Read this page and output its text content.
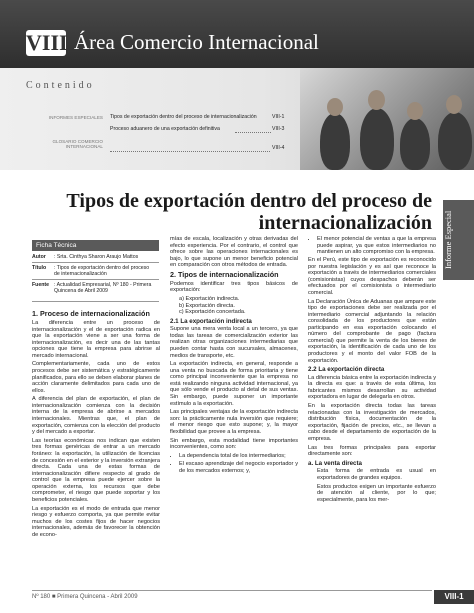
VIII Área Comercio Internacional
Contenido
INFORMES ESPECIALES Tipos de exportación dentro del proceso de internacionalización	VIII-1
Proceso aduanero de una exportación definitiva	VIII-3
GLOSARIO COMERCIO INTERNACIONAL	VIII-4
Tipos de exportación dentro del proceso de
internacionalización Informe Especial
Ficha Técnica
Autor : Srta. Cinthya Sharon Araujo Mattos
Título : Tipos de exportación dentro del proceso de internacionalización
Fuente : Actualidad Empresarial, Nº 180 - Primera Quincena de Abril 2009
1. Proceso de internacionalización

La diferencia entre un proceso de internacionalización y el de exportación radica en que la exportación viene a ser una forma de internacionalización, es decir una de las tantas opciones que tiene la empresa para abrirse al mercado internacional.

Complementariamente, cada uno de estos procesos debe ser sistemática y estratégicamente planificados, para ello se deben elaborar planes de acción claramente delimitados para cada uno de ellos.

A diferencia del plan de exportación, el plan de internacionalización comienza con la decisión interna de la empresa de abrirse a mercados internacionales. Mientras que, el plan de exportación, comienza con la elección del producto y del mercado a exportar.

Las teorías económicas nos indican que existen tres formas genéricas de entrar a un mercado foráneo: la exportación, la utilización de licencias de concesión en el exterior y la inversión extranjera directa. Cada una de estas formas de internacionalización difiere respecto al grado de control que la empresa puede ejercer sobre la operación externa, los recursos que debe comprometer, el riesgo que puede soportar y los beneficios potenciales.

La exportación es el modo de entrada que menor riesgo y esfuerzo comporta, ya que permite evitar muchos de los costes fijos de hacer negocios internacionales, además de favorecer la obtención de econo-

mías de escala, localización y otras derivadas del efecto experiencia. Por el contrario, el control que ofrece sobre las operaciones internacionales es bajo, lo que supone un menor beneficio potencial en comparación con otros métodos de entrada.

2. Tipos de internacionalización

Podemos identificar tres tipos básicos de exportación:

a) Exportación indirecta.
b) Exportación directa.
c) Exportación concertada.
2.1 La exportación indirecta

Supone una mera venta local a un tercero, ya que todas las tareas de comercialización exterior las realizan otras organizaciones intermediarias que pueden contar hasta con sucursales, almacenes, medios de transporte, etc.

La exportación indirecta, en general, responde a una venta no buscada de forma prioritaria y tiene como principal inconveniente que la empresa no está realizando ninguna actividad internacional, ya que sólo vende el producto al detal de sus ventas. Sin embargo, puede suponer un importante estímulo a la exportación.

Las principales ventajas de la exportación indirecta son: la prácticamente nula inversión que requiere; el menor riesgo que esto supone; y, la mayor flexibilidad que provee a la empresa.

Sin embargo, esta modalidad tiene importantes inconvenientes, como son:

• La dependencia total de los intermediarios;
• El escaso aprendizaje del negocio exportador y de los mercados externos; y,
• El menor potencial de ventas a que la empresa puede aspirar, ya que estos intermediarios no mantienen un alto compromiso con la empresa.

En el Perú, este tipo de exportación es reconocido por nuestra legislación y es así que reconoce la exportación a través de intermediarios comerciales (comisionistas) cuyos despachos deberán ser efectuados por el comisionista o intermediario comercial.

La Declaración Única de Aduanas que ampare este tipo de exportaciones debe ser realizada por el intermediario comercial adjuntando la relación consolidada de los productores que están participando en esa exportación colocando el número del comprobante de pago (factura comercial) que permite la venta de los bienes de exportación, la identificación de cada uno de los productores y el monto del valor FOB de la exportación.

2.2 La exportación directa

La diferencia básica entre la exportación indirecta y la directa es que: a través de esta última, los fabricantes mismos desarrollan su actividad exportadora en lugar de delegarla en otros.

En la exportación directa todas las tareas relacionadas con la investigación de mercados, distribución física, documentación de la exportación, fijación de precios, etc., se llevan a cabo desde el departamento de exportación de la empresa.

Las tres formas principales para exportar directamente son:

a. La venta directa

Esta forma de entrada es usual en exportadores de grandes equipos.

Estos productos exigen un importante esfuerzo de atención al cliente, por lo que; especialmente, para los mer-

Nº 180 ■ Primera Quincena - Abril 2009	VIII-1
